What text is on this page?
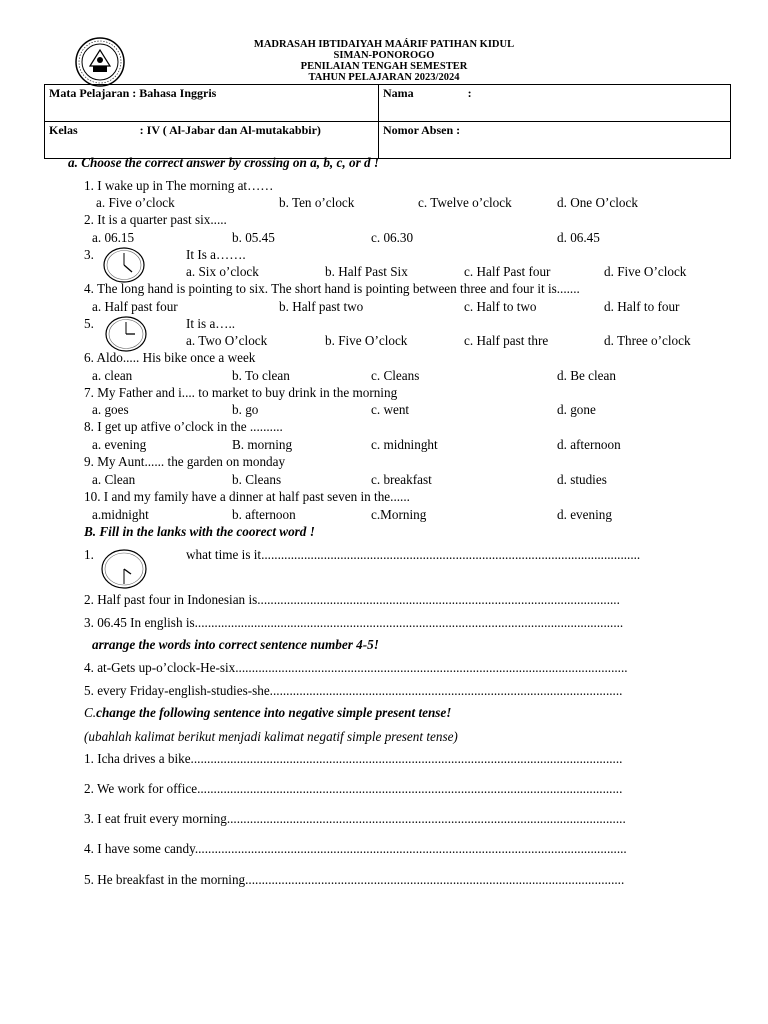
MADRASAH IBTIDAIYAH MAÁRIF PATIHAN KIDUL
SIMAN-PONOROGO
PENILAIAN TENGAH SEMESTER
TAHUN PELAJARAN 2023/2024
Mata Pelajaran : Bahasa Inggris	Nama :
Kelas : IV ( Al-Jabar dan Al-mutakabbir)	Nomor Absen :
a. Choose the correct answer by crossing on a, b, c, or d !
1. I wake up in The morning at……
a. Five o’clock	b. Ten o’clock	c. Twelve o’clock	d. One O’clock
2. It is a quarter past six.....
a. 06.15	b. 05.45	c. 06.30	d. 06.45
3.	It Is a…….
a. Six o’clock	b. Half Past Six	c. Half Past four	d. Five O’clock
4. The long hand is pointing to six. The short hand is pointing between three and four it is.......
a. Half past four	b. Half past two	c. Half to two	d. Half to four
5.	It is a…..
a. Two O’clock	b. Five O’clock	c. Half past thre	d. Three o’clock
6. Aldo..... His bike once a week
a. clean	b. To clean	c. Cleans	d. Be clean
7. My Father and i.... to market to buy drink in the morning
a. goes	b. go	c. went	d. gone
8. I get up atfive o’clock in the ..........
a. evening	B. morning	c. midninght	d. afternoon
9. My Aunt...... the garden on monday
a. Clean	b. Cleans	c. breakfast	d. studies
10. I and my family have a dinner at half past seven in the......
a.midnight	b. afternoon	c.Morning	d. evening
B. Fill in the lanks with the coorect word !
1.	what time is it...................................................................................................................
2. Half past four in Indonesian is..............................................................................................................
3. 06.45 In english is..................................................................................................................................
arrange the words into correct sentence number 4-5!
4. at-Gets up-o’clock-He-six.......................................................................................................................
5. every Friday-english-studies-she...........................................................................................................
C.change the following sentence into negative simple present tense!
(ubahlah kalimat berikut menjadi kalimat negatif simple present tense)
1. Icha drives a bike...................................................................................................................................
2. We work for office.................................................................................................................................
3. I eat fruit every morning.........................................................................................................................
4. I have some candy...................................................................................................................................
5. He breakfast in the morning...................................................................................................................
